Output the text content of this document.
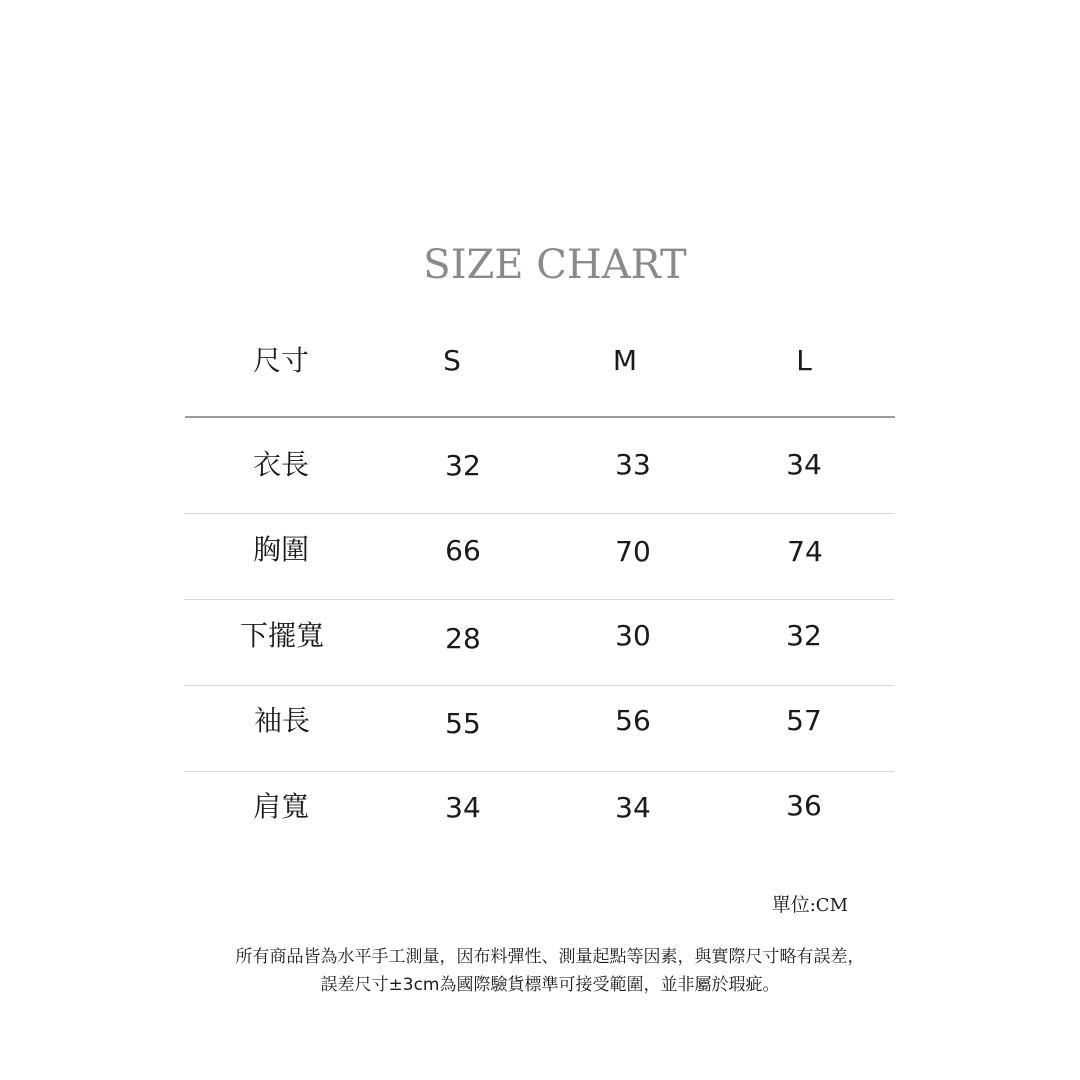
SIZE CHART
尺寸	S	M	L
衣長	32	33	34
胸圍	66	70	74
下擺寬	28	30	32
袖長	55	56	57
肩寬	34	34	36
單位:CM
所有商品皆為水平手工測量，因布料彈性、測量起點等因素，與實際尺寸略有誤差，
誤差尺寸±3cm為國際驗貨標準可接受範圍，並非屬於瑕疵。
